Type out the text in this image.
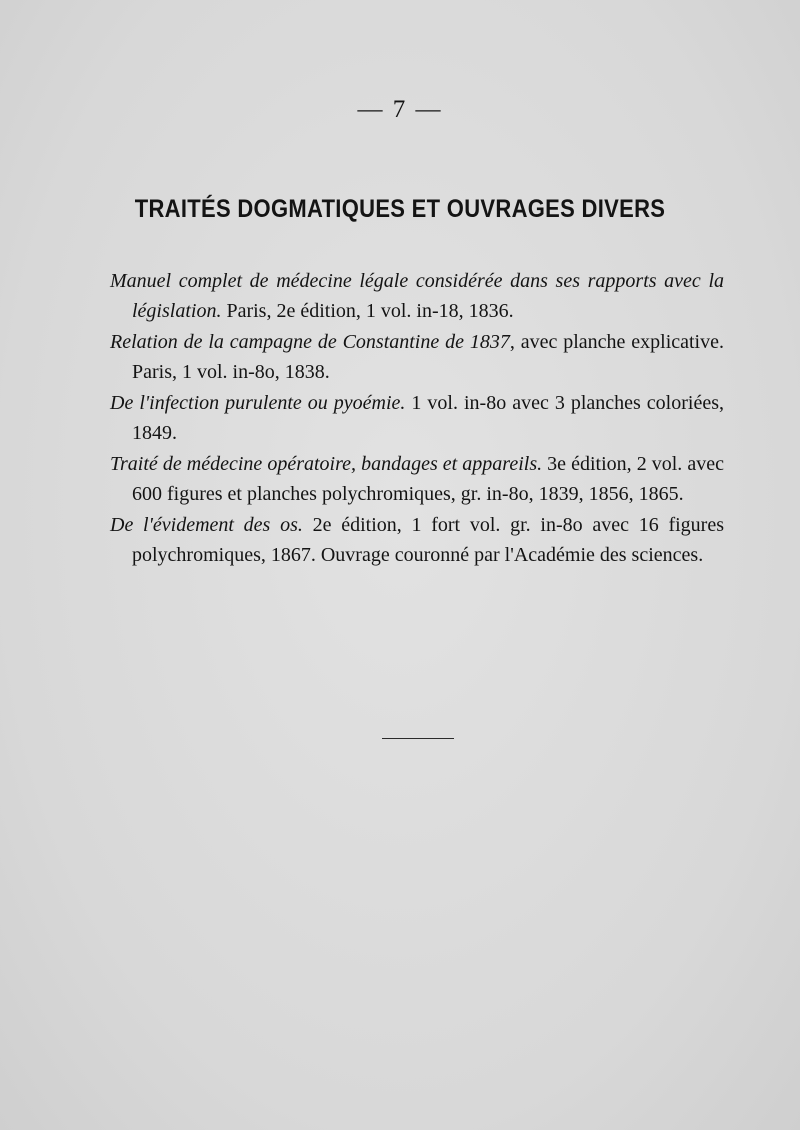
— 7 —
TRAITÉS DOGMATIQUES ET OUVRAGES DIVERS

Manuel complet de médecine légale considérée dans ses rapports avec la législation. Paris, 2e édition, 1 vol. in-18, 1836.

Relation de la campagne de Constantine de 1837, avec planche explicative. Paris, 1 vol. in-8o, 1838.

De l'infection purulente ou pyoémie. 1 vol. in-8o avec 3 planches coloriées, 1849.

Traité de médecine opératoire, bandages et appareils. 3e édition, 2 vol. avec 600 figures et planches polychromiques, gr. in-8o, 1839, 1856, 1865.

De l'évidement des os. 2e édition, 1 fort vol. gr. in-8o avec 16 figures polychromiques, 1867. Ouvrage couronné par l'Académie des sciences.
